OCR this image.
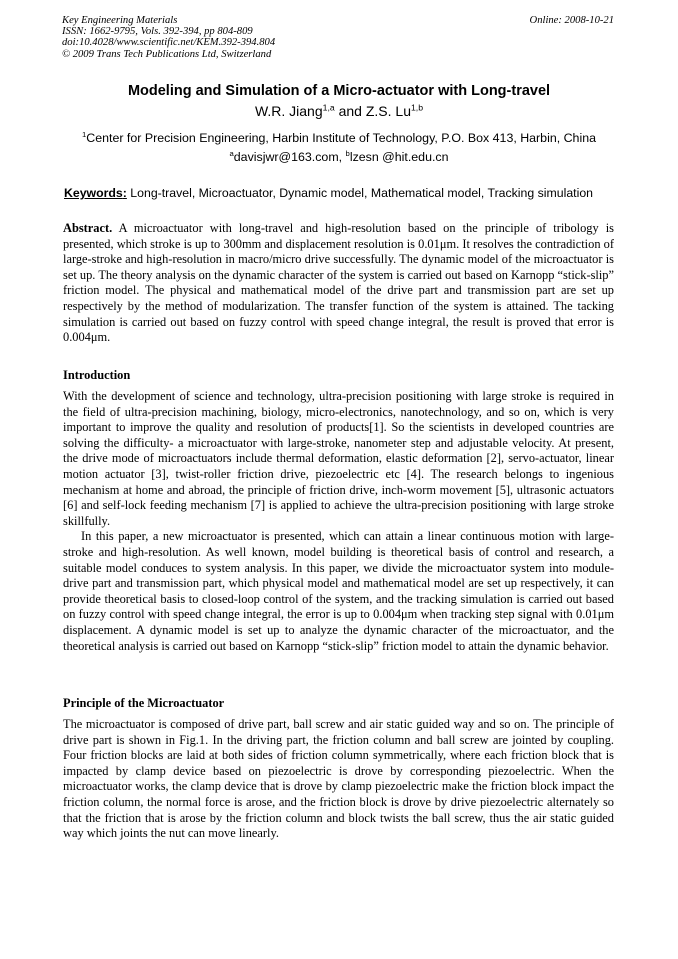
Key Engineering Materials
ISSN: 1662-9795, Vols. 392-394, pp 804-809
doi:10.4028/www.scientific.net/KEM.392-394.804
© 2009 Trans Tech Publications Ltd, Switzerland
Online: 2008-10-21
Modeling and Simulation of a Micro-actuator with Long-travel
W.R. Jiang$^{1,a}$ and Z.S. Lu$^{1,b}$
$^1$Center for Precision Engineering, Harbin Institute of Technology, P.O. Box 413, Harbin, China
$^a$davisjwr@163.com, $^b$lzesn @hit.edu.cn
Keywords: Long-travel, Microactuator, Dynamic model, Mathematical model, Tracking simulation

Abstract. A microactuator with long-travel and high-resolution based on the principle of tribology is presented, which stroke is up to 300mm and displacement resolution is 0.01μm. It resolves the contradiction of large-stroke and high-resolution in macro/micro drive successfully. The dynamic model of the microactuator is set up. The theory analysis on the dynamic character of the system is carried out based on Karnopp “stick-slip” friction model. The physical and mathematical model of the drive part and transmission part are set up respectively by the method of modularization. The transfer function of the system is attained. The tacking simulation is carried out based on fuzzy control with speed change integral, the result is proved that error is 0.004μm.

Introduction

With the development of science and technology, ultra-precision positioning with large stroke is required in the field of ultra-precision machining, biology, micro-electronics, nanotechnology, and so on, which is very important to improve the quality and resolution of products[1]. So the scientists in developed countries are solving the difficulty- a microactuator with large-stroke, nanometer step and adjustable velocity. At present, the drive mode of microactuators include thermal deformation, elastic deformation [2], servo-actuator, linear motion actuator [3], twist-roller friction drive, piezoelectric etc [4]. The research belongs to ingenious mechanism at home and abroad, the principle of friction drive, inch-worm movement [5], ultrasonic actuators [6] and self-lock feeding mechanism [7] is applied to achieve the ultra-precision positioning with large stroke skillfully.

In this paper, a new microactuator is presented, which can attain a linear continuous motion with large-stroke and high-resolution. As well known, model building is theoretical basis of control and research, a suitable model conduces to system analysis. In this paper, we divide the microactuator system into module-drive part and transmission part, which physical model and mathematical model are set up respectively, it can provide theoretical basis to closed-loop control of the system, and the tracking simulation is carried out based on fuzzy control with speed change integral, the error is up to 0.004μm when tracking step signal with 0.01μm displacement. A dynamic model is set up to analyze the dynamic character of the microactuator, and the theoretical analysis is carried out based on Karnopp “stick-slip” friction model to attain the dynamic behavior.

Principle of the Microactuator

The microactuator is composed of drive part, ball screw and air static guided way and so on. The principle of drive part is shown in Fig.1. In the driving part, the friction column and ball screw are jointed by coupling. Four friction blocks are laid at both sides of friction column symmetrically, where each friction block that is impacted by clamp device based on piezoelectric is drove by corresponding piezoelectric. When the microactuator works, the clamp device that is drove by clamp piezoelectric make the friction block impact the friction column, the normal force is arose, and the friction block is drove by drive piezoelectric alternately so that the friction that is arose by the friction column and block twists the ball screw, thus the air static guided way which joints the nut can move linearly.
